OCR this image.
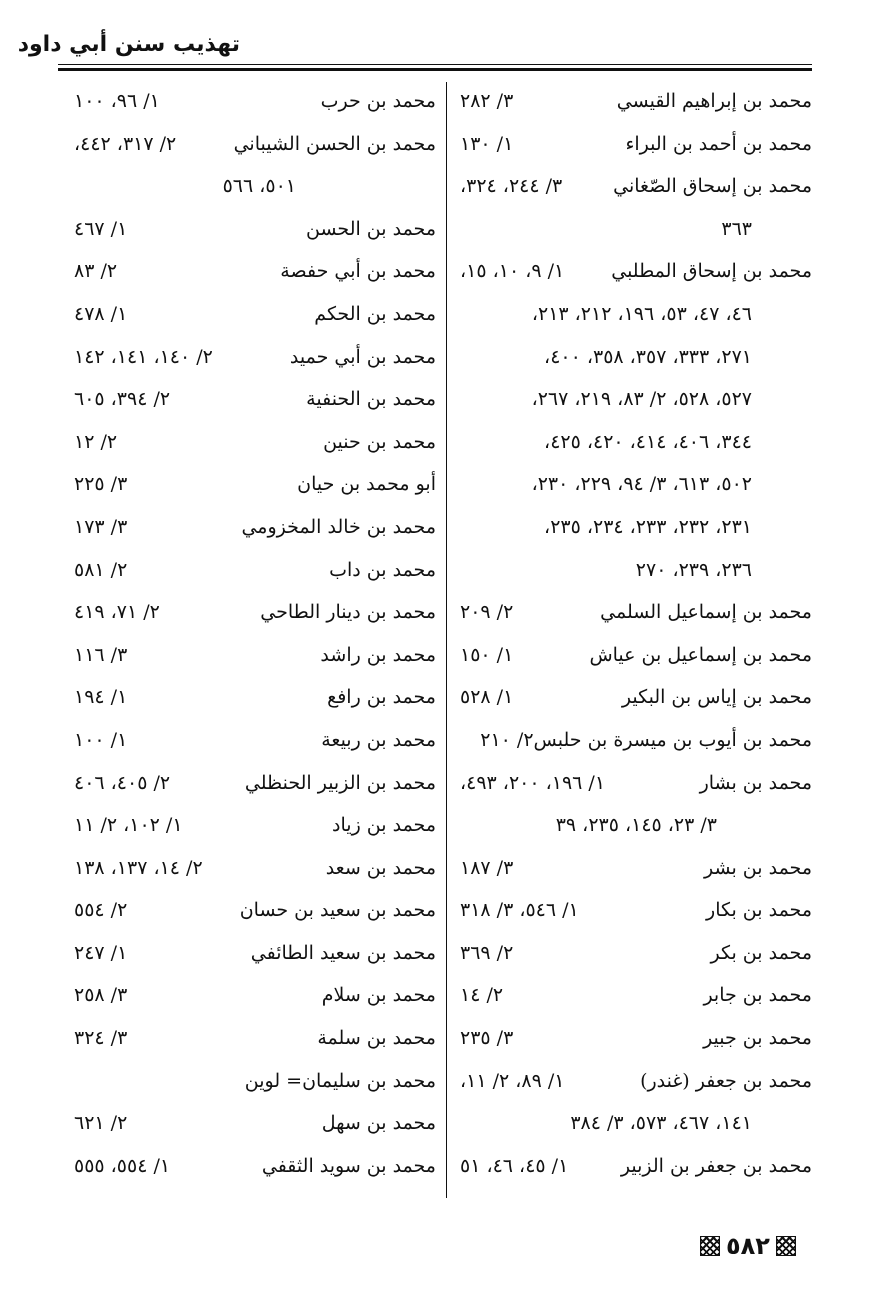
تهذيب سنن أبي داود
محمد بن إبراهيم القيسي
٣/ ٢٨٢
محمد بن أحمد بن البراء
١/ ١٣٠
محمد بن إسحاق الصّغاني
٣/ ٢٤٤، ٣٢٤،
٣٦٣
محمد بن إسحاق المطلبي
١/ ٩، ١٠، ١٥،
٤٦، ٤٧، ٥٣، ١٩٦، ٢١٢، ٢١٣،
٢٧١، ٣٣٣، ٣٥٧، ٣٥٨، ٤٠٠،
٥٢٧، ٥٢٨، ٢/ ٨٣، ٢١٩، ٢٦٧،
٣٤٤، ٤٠٦، ٤١٤، ٤٢٠، ٤٢٥،
٥٠٢، ٦١٣، ٣/ ٩٤، ٢٢٩، ٢٣٠،
٢٣١، ٢٣٢، ٢٣٣، ٢٣٤، ٢٣٥،
٢٣٦، ٢٣٩، ٢٧٠
محمد بن إسماعيل السلمي
٢/ ٢٠٩
محمد بن إسماعيل بن عياش
١/ ١٥٠
محمد بن إياس بن البكير
١/ ٥٢٨
محمد بن أيوب بن ميسرة بن حلبس٢/ ٢١٠
محمد بن بشار
١/ ١٩٦، ٢٠٠، ٤٩٣،
٣/ ٢٣، ١٤٥، ٢٣٥، ٣٩
محمد بن بشر
٣/ ١٨٧
محمد بن بكار
١/ ٥٤٦، ٣/ ٣١٨
محمد بن بكر
٢/ ٣٦٩
محمد بن جابر
٢/ ١٤
محمد بن جبير
٣/ ٢٣٥
محمد بن جعفر (غندر)
١/ ٨٩، ٢/ ١١،
١٤١، ٤٦٧، ٥٧٣، ٣/ ٣٨٤
محمد بن جعفر بن الزبير
١/ ٤٥، ٤٦، ٥١
محمد بن حرب
١/ ٩٦، ١٠٠
محمد بن الحسن الشيباني
٢/ ٣١٧، ٤٤٢،
٥٠١، ٥٦٦
محمد بن الحسن
١/ ٤٦٧
محمد بن أبي حفصة
٢/ ٨٣
محمد بن الحكم
١/ ٤٧٨
محمد بن أبي حميد
٢/ ١٤٠، ١٤١، ١٤٢
محمد بن الحنفية
٢/ ٣٩٤، ٦٠٥
محمد بن حنين
٢/ ١٢
أبو محمد بن حيان
٣/ ٢٢٥
محمد بن خالد المخزومي
٣/ ١٧٣
محمد بن داب
٢/ ٥٨١
محمد بن دينار الطاحي
٢/ ٧١، ٤١٩
محمد بن راشد
٣/ ١١٦
محمد بن رافع
١/ ١٩٤
محمد بن ربيعة
١/ ١٠٠
محمد بن الزبير الحنظلي
٢/ ٤٠٥، ٤٠٦
محمد بن زياد
١/ ١٠٢، ٢/ ١١
محمد بن سعد
٢/ ١٤، ١٣٧، ١٣٨
محمد بن سعيد بن حسان
٢/ ٥٥٤
محمد بن سعيد الطائفي
١/ ٢٤٧
محمد بن سلام
٣/ ٢٥٨
محمد بن سلمة
٣/ ٣٢٤
محمد بن سليمان= لوين
محمد بن سهل
٢/ ٦٢١
محمد بن سويد الثقفي
١/ ٥٥٤، ٥٥٥
٥٨٢
